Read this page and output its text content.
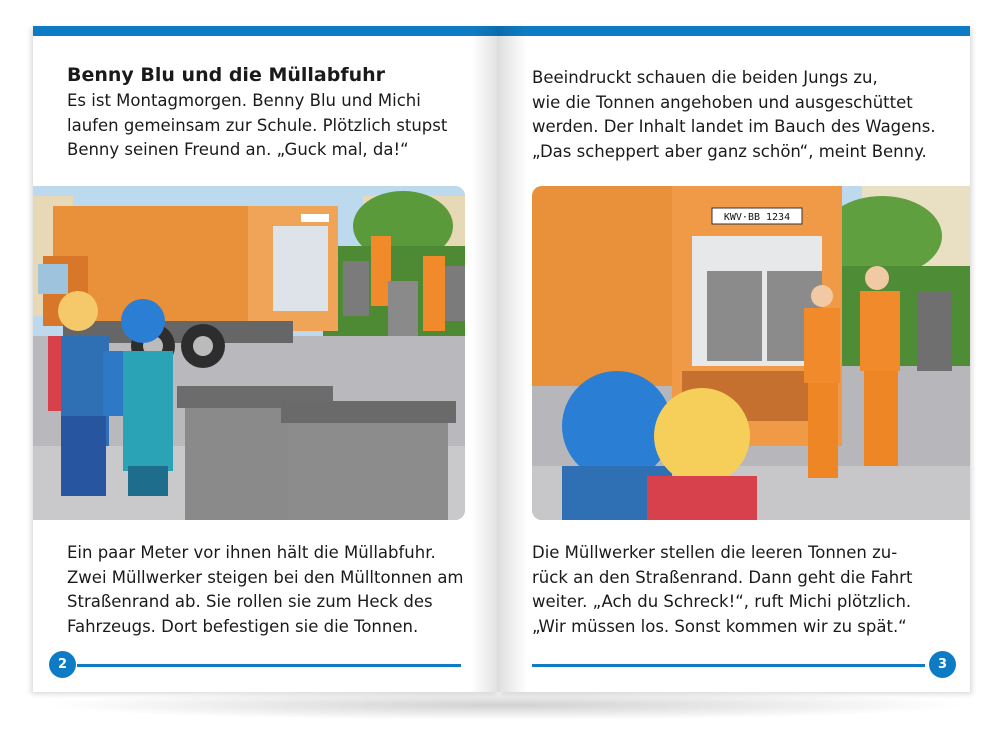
Benny Blu und die Müllabfuhr
Es ist Montagmorgen. Benny Blu und Michi
laufen gemeinsam zur Schule. Plötzlich stupst
Benny seinen Freund an. „Guck mal, da!“
Ein paar Meter vor ihnen hält die Müllabfuhr.
Zwei Müllwerker steigen bei den Mülltonnen am
Straßenrand ab. Sie rollen sie zum Heck des
Fahrzeugs. Dort befestigen sie die Tonnen.
2
Beeindruckt schauen die beiden Jungs zu,
wie die Tonnen angehoben und ausgeschüttet
werden. Der Inhalt landet im Bauch des Wagens.
„Das scheppert aber ganz schön“, meint Benny.
KWV·BB 1234
Die Müllwerker stellen die leeren Tonnen zu-
rück an den Straßenrand. Dann geht die Fahrt
weiter. „Ach du Schreck!“, ruft Michi plötzlich.
„Wir müssen los. Sonst kommen wir zu spät.“
3
